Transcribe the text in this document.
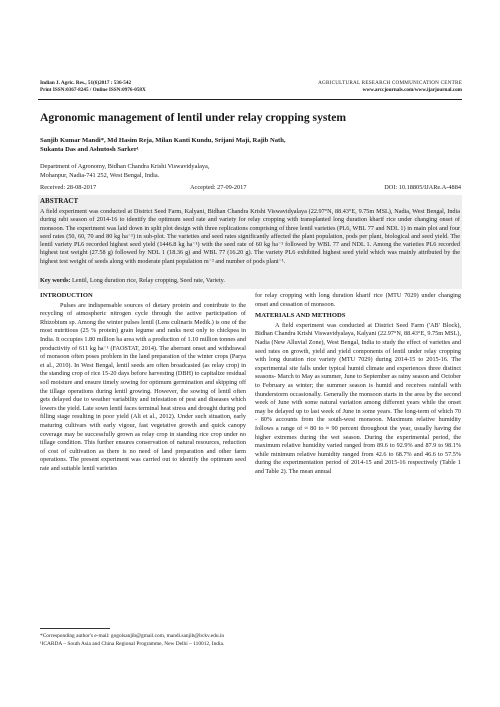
Indian J. Agric. Res., 51(6)2017 : 536-542
Print ISSN:0367-8245 / Online ISSN:0976-058X
AGRICULTURAL RESEARCH COMMUNICATION CENTRE
www.arccjournals.com/www.ijarjournal.com
Agronomic management of lentil under relay cropping system
Sanjib Kumar Mandi*, Md Hasim Reja, Milan Kanti Kundu, Srijani Maji, Rajib Nath,
Sukanta Das and Ashutosh Sarker¹
Department of Agronomy, Bidhan Chandra Krishi Viswavidyalaya,
Mohanpur, Nadia-741 252, West Bengal, India.
Received: 28-08-2017	Accepted: 27-09-2017	DOI: 10.18805/IJARe.A-4884
ABSTRACT
A field experiment was conducted at District Seed Farm, Kalyani, Bidhan Chandra Krishi Viswavidyalaya (22.97°N, 88.43°E, 9.75m MSL), Nadia, West Bengal, India during rabi season of 2014-16 to identify the optimum seed rate and variety for relay cropping with transplanted long duration kharif rice under changing onset of monsoon. The experiment was laid down in split plot design with three replications comprising of three lentil varieties (PL6, WBL 77 and NDL 1) in main plot and four seed rates (50, 60, 70 and 80 kg ha⁻¹) in sub-plot. The varieties and seed rates significantly affected the plant population, pods per plant, biological and seed yield. The lentil variety PL6 recorded highest seed yield (1446.8 kg ha⁻¹) with the seed rate of 60 kg ha⁻¹ followed by WBL 77 and NDL 1. Among the varieties PL6 recorded highest test weight (27.58 g) followed by NDL 1 (18.36 g) and WBL 77 (16.20 g). The variety PL6 exhibited highest seed yield which was mainly attributed by the highest test weight of seeds along with moderate plant population m⁻² and number of pods plant⁻¹.
Key words: Lentil, Long duration rice, Relay cropping, Seed rate, Variety.
INTRODUCTION

Pulses are indispensable sources of dietary protein and contribute to the recycling of atmospheric nitrogen cycle through the active participation of Rhizobium sp. Among the winter pulses lentil (Lens culinaris Medik.) is one of the most nutritious (25 % protein) grain legume and ranks next only to chickpea in India. It occupies 1.80 million ha area with a production of 1.10 million tonnes and productivity of 611 kg ha⁻¹ (FAOSTAT, 2014). The aberrant onset and withdrawal of monsoon often poses problem in the land preparation of the winter crops (Parya et al., 2010). In West Bengal, lentil seeds are often broadcasted (as relay crop) in the standing crop of rice 15-20 days before harvesting (DBH) to capitalize residual soil moisture and ensure timely sowing for optimum germination and skipping off the tillage operations during lentil growing. However, the sowing of lentil often gets delayed due to weather variability and infestation of pest and diseases which lowers the yield. Late sown lentil faces terminal heat stress and drought during pod filling stage resulting in poor yield (Ali et al., 2012). Under such situation, early maturing cultivars with early vigour, fast vegetative growth and quick canopy coverage may be successfully grown as relay crop in standing rice crop under no tillage condition. This further ensures conservation of natural resources, reduction of cost of cultivation as there is no need of land preparation and other farm operations. The present experiment was carried out to identify the optimum seed rate and suitable lentil varieties

for relay cropping with long duration kharif rice (MTU 7029) under changing onset and cessation of monsoon.

MATERIALS AND METHODS

A field experiment was conducted at District Seed Farm ('AB' Block), Bidhan Chandra Krishi Viswavidyalaya, Kalyani (22.97°N, 88.43°E, 9.75m MSL), Nadia (New Alluvial Zone), West Bengal, India to study the effect of varieties and seed rates on growth, yield and yield components of lentil under relay cropping with long duration rice variety (MTU 7029) during 2014-15 to 2015-16. The experimental site falls under typical humid climate and experiences three distinct seasons- March to May as summer, June to September as rainy season and October to February as winter; the summer season is humid and receives rainfall with thunderstorm occasionally. Generally the monsoon starts in the area by the second week of June with some natural variation among different years while the onset may be delayed up to last week of June in some years. The long-term of which 70 - 80% accounts from the south-west monsoon. Maximum relative humidity follows a range of ≈ 80 to ≈ 90 percent throughout the year, usually having the higher extremes during the wet season. During the experimental period, the maximum relative humidity varied ranged from 89.6 to 92.9% and 87.9 to 98.1% while minimum relative humidity ranged from 42.6 to 68.7% and 46.6 to 57.5% during the experimentation period of 2014-15 and 2015-16 respectively (Table 1 and Table 2). The mean annual

*Corresponding author's e-mail: gogolsanjib@gmail.com, mandi.sanjib@bckv.edu.in
¹ICARDA – South Asia and China Regional Programme, New Delhi – 110012, India.
